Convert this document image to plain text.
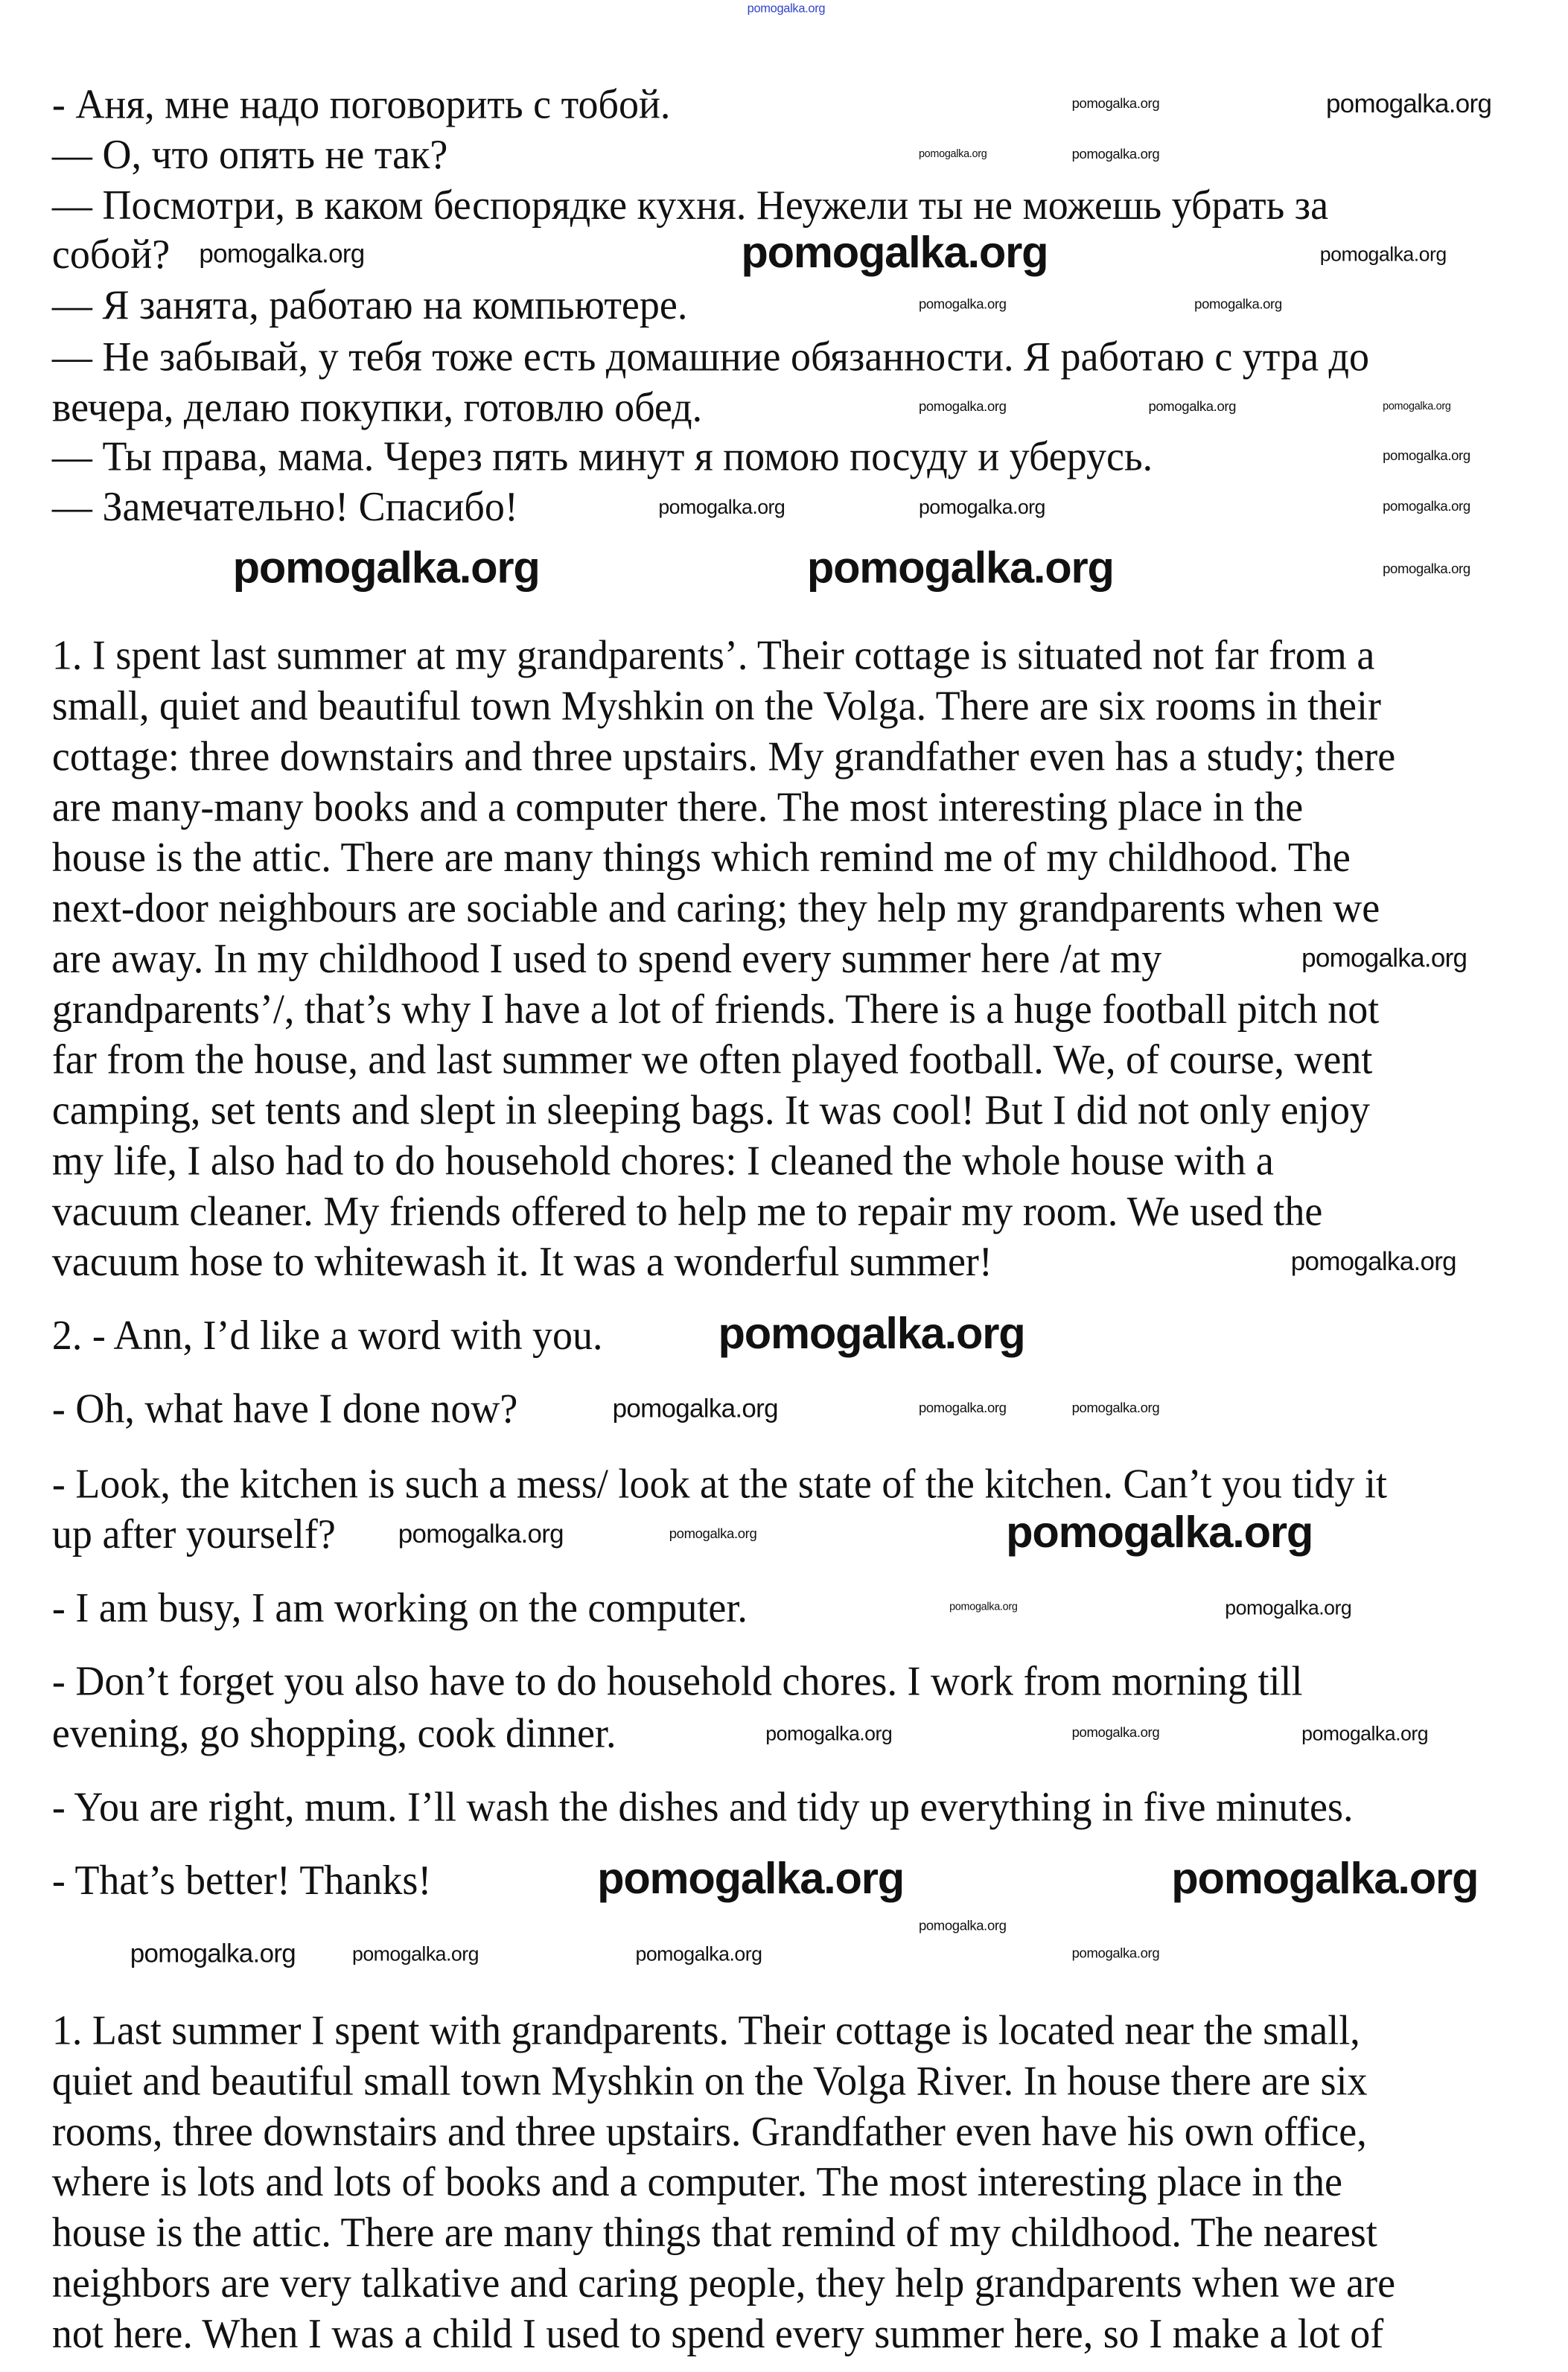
- Аня, мне надо поговорить с тобой.
— О, что опять не так?
— Посмотри, в каком беспорядке кухня. Неужели ты не можешь убрать за
собой?
— Я занята, работаю на компьютере.
— Не забывай, у тебя тоже есть домашние обязанности. Я работаю с утра до
вечера, делаю покупки, готовлю обед.
— Ты права, мама. Через пять минут я помою посуду и уберусь.
— Замечательно! Спасибо!
1. I spent last summer at my grandparents’. Their cottage is situated not far from a
small, quiet and beautiful town Myshkin on the Volga. There are six rooms in their
cottage: three downstairs and three upstairs. My grandfather even has a study; there
are many-many books and a computer there. The most interesting place in the
house is the attic. There are many things which remind me of my childhood. The
next-door neighbours are sociable and caring; they help my grandparents when we
are away. In my childhood I used to spend every summer here /at my
grandparents’/, that’s why I have a lot of friends. There is a huge football pitch not
far from the house, and last summer we often played football. We, of course, went
camping, set tents and slept in sleeping bags. It was cool! But I did not only enjoy
my life, I also had to do household chores: I cleaned the whole house with a
vacuum cleaner. My friends offered to help me to repair my room. We used the
vacuum hose to whitewash it. It was a wonderful summer!
2. - Ann, I’d like a word with you.
- Oh, what have I done now?
- Look, the kitchen is such a mess/ look at the state of the kitchen. Can’t you tidy it
up after yourself?
- I am busy, I am working on the computer.
- Don’t forget you also have to do household chores. I work from morning till
evening, go shopping, cook dinner.
- You are right, mum. I’ll wash the dishes and tidy up everything in five minutes.
- That’s better! Thanks!
1. Last summer I spent with grandparents. Their cottage is located near the small,
quiet and beautiful small town Myshkin on the Volga River. In house there are six
rooms, three downstairs and three upstairs. Grandfather even have his own office,
where is lots and lots of books and a computer. The most interesting place in the
house is the attic. There are many things that remind of my childhood. The nearest
neighbors are very talkative and caring people, they help grandparents when we are
not here. When I was a child I used to spend every summer here, so I make a lot of
pomogalka.org
pomogalka.org
pomogalka.org	pomogalka.org	pomogalka.org
pomogalka.org
pomogalka.org
pomogalka.org	pomogalka.org
pomogalka.org
pomogalka.org
pomogalka.org
pomogalka.org	pomogalka.org
pomogalka.org	pomogalka.org
pomogalka.org
pomogalka.org
pomogalka.org
pomogalka.org
pomogalka.org
pomogalka.org	pomogalka.org
pomogalka.org
pomogalka.org
pomogalka.org
pomogalka.org	pomogalka.org	pomogalka.org
pomogalka.org
pomogalka.org	pomogalka.org
pomogalka.org	pomogalka.org
pomogalka.org
pomogalka.org
pomogalka.org
pomogalka.org
pomogalka.org
pomogalka.org
pomogalka.org
